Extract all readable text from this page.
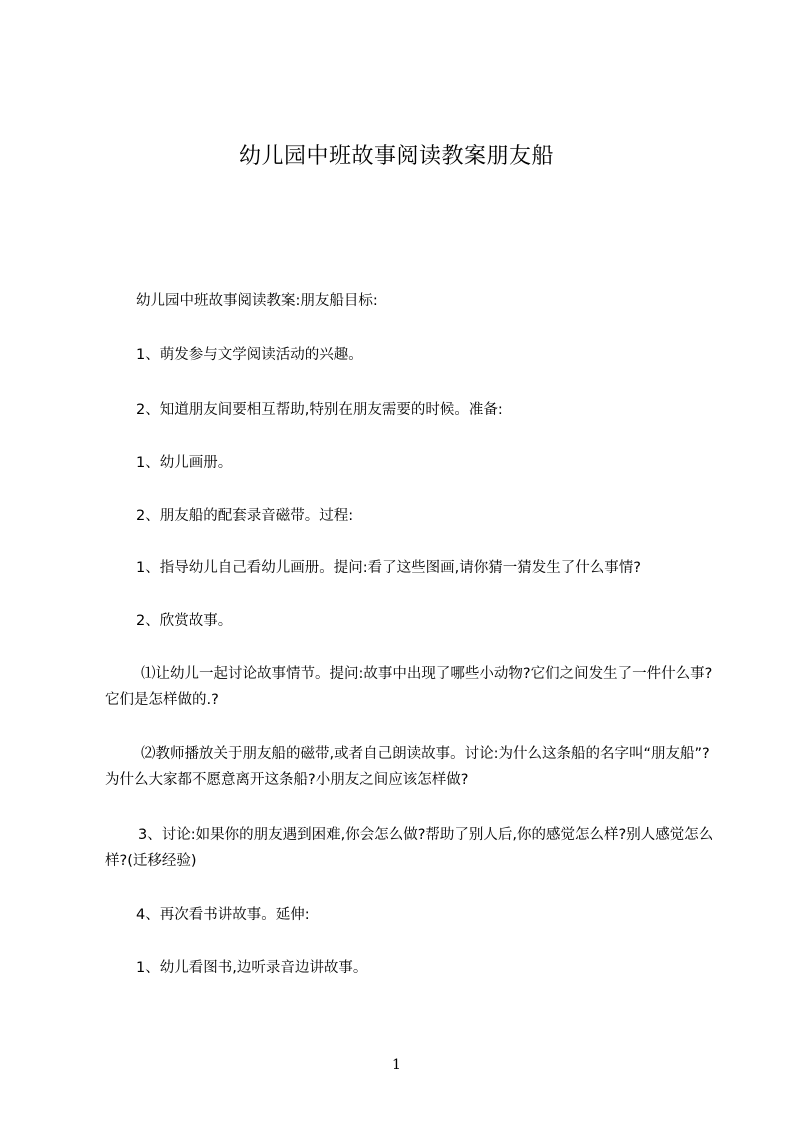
幼儿园中班故事阅读教案朋友船
幼儿园中班故事阅读教案:朋友船目标:
1、萌发参与文学阅读活动的兴趣。
2、知道朋友间要相互帮助,特别在朋友需要的时候。准备:
1、幼儿画册。
2、朋友船的配套录音磁带。过程:
1、指导幼儿自己看幼儿画册。提问:看了这些图画,请你猜一猜发生了什么事情?
2、欣赏故事。
⑴让幼儿一起讨论故事情节。提问:故事中出现了哪些小动物?它们之间发生了一件什么事?它们是怎样做的.?
⑵教师播放关于朋友船的磁带,或者自己朗读故事。讨论:为什么这条船的名字叫“朋友船”?为什么大家都不愿意离开这条船?小朋友之间应该怎样做?
3、讨论:如果你的朋友遇到困难,你会怎么做?帮助了别人后,你的感觉怎么样?别人感觉怎么样?(迁移经验)
4、再次看书讲故事。延伸:
1、幼儿看图书,边听录音边讲故事。
1
